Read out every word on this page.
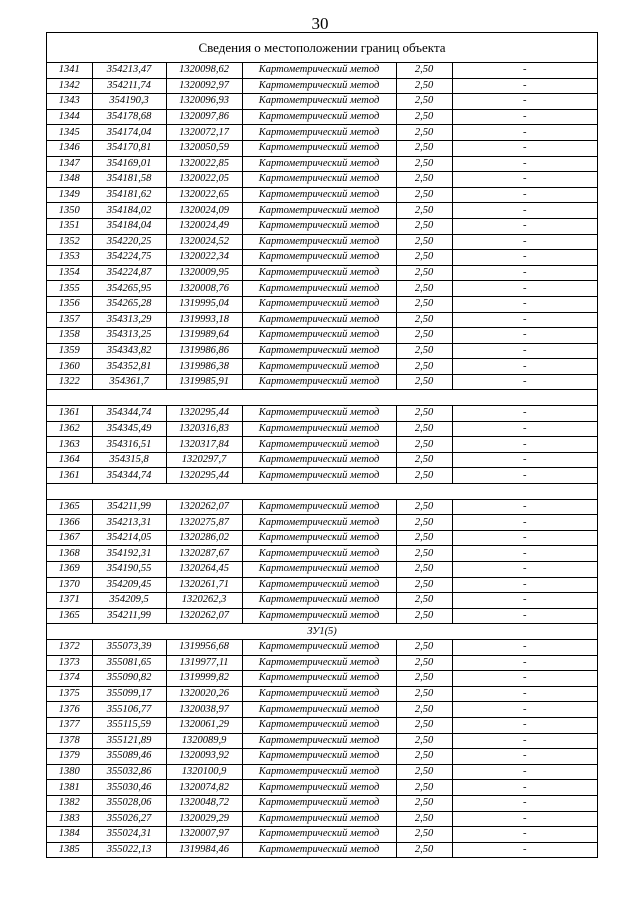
30
Сведения о местоположении границ объекта
1341	354213,47	1320098,62	Картометрический метод	2,50	-
1342	354211,74	1320092,97	Картометрический метод	2,50	-
1343	354190,3	1320096,93	Картометрический метод	2,50	-
1344	354178,68	1320097,86	Картометрический метод	2,50	-
1345	354174,04	1320072,17	Картометрический метод	2,50	-
1346	354170,81	1320050,59	Картометрический метод	2,50	-
1347	354169,01	1320022,85	Картометрический метод	2,50	-
1348	354181,58	1320022,05	Картометрический метод	2,50	-
1349	354181,62	1320022,65	Картометрический метод	2,50	-
1350	354184,02	1320024,09	Картометрический метод	2,50	-
1351	354184,04	1320024,49	Картометрический метод	2,50	-
1352	354220,25	1320024,52	Картометрический метод	2,50	-
1353	354224,75	1320022,34	Картометрический метод	2,50	-
1354	354224,87	1320009,95	Картометрический метод	2,50	-
1355	354265,95	1320008,76	Картометрический метод	2,50	-
1356	354265,28	1319995,04	Картометрический метод	2,50	-
1357	354313,29	1319993,18	Картометрический метод	2,50	-
1358	354313,25	1319989,64	Картометрический метод	2,50	-
1359	354343,82	1319986,86	Картометрический метод	2,50	-
1360	354352,81	1319986,38	Картометрический метод	2,50	-
1322	354361,7	1319985,91	Картометрический метод	2,50	-

1361	354344,74	1320295,44	Картометрический метод	2,50	-
1362	354345,49	1320316,83	Картометрический метод	2,50	-
1363	354316,51	1320317,84	Картометрический метод	2,50	-
1364	354315,8	1320297,7	Картометрический метод	2,50	-
1361	354344,74	1320295,44	Картометрический метод	2,50	-

1365	354211,99	1320262,07	Картометрический метод	2,50	-
1366	354213,31	1320275,87	Картометрический метод	2,50	-
1367	354214,05	1320286,02	Картометрический метод	2,50	-
1368	354192,31	1320287,67	Картометрический метод	2,50	-
1369	354190,55	1320264,45	Картометрический метод	2,50	-
1370	354209,45	1320261,71	Картометрический метод	2,50	-
1371	354209,5	1320262,3	Картометрический метод	2,50	-
1365	354211,99	1320262,07	Картометрический метод	2,50	-
ЗУ1(5)					
1372	355073,39	1319956,68	Картометрический метод	2,50	-
1373	355081,65	1319977,11	Картометрический метод	2,50	-
1374	355090,82	1319999,82	Картометрический метод	2,50	-
1375	355099,17	1320020,26	Картометрический метод	2,50	-
1376	355106,77	1320038,97	Картометрический метод	2,50	-
1377	355115,59	1320061,29	Картометрический метод	2,50	-
1378	355121,89	1320089,9	Картометрический метод	2,50	-
1379	355089,46	1320093,92	Картометрический метод	2,50	-
1380	355032,86	1320100,9	Картометрический метод	2,50	-
1381	355030,46	1320074,82	Картометрический метод	2,50	-
1382	355028,06	1320048,72	Картометрический метод	2,50	-
1383	355026,27	1320029,29	Картометрический метод	2,50	-
1384	355024,31	1320007,97	Картометрический метод	2,50	-
1385	355022,13	1319984,46	Картометрический метод	2,50	-
